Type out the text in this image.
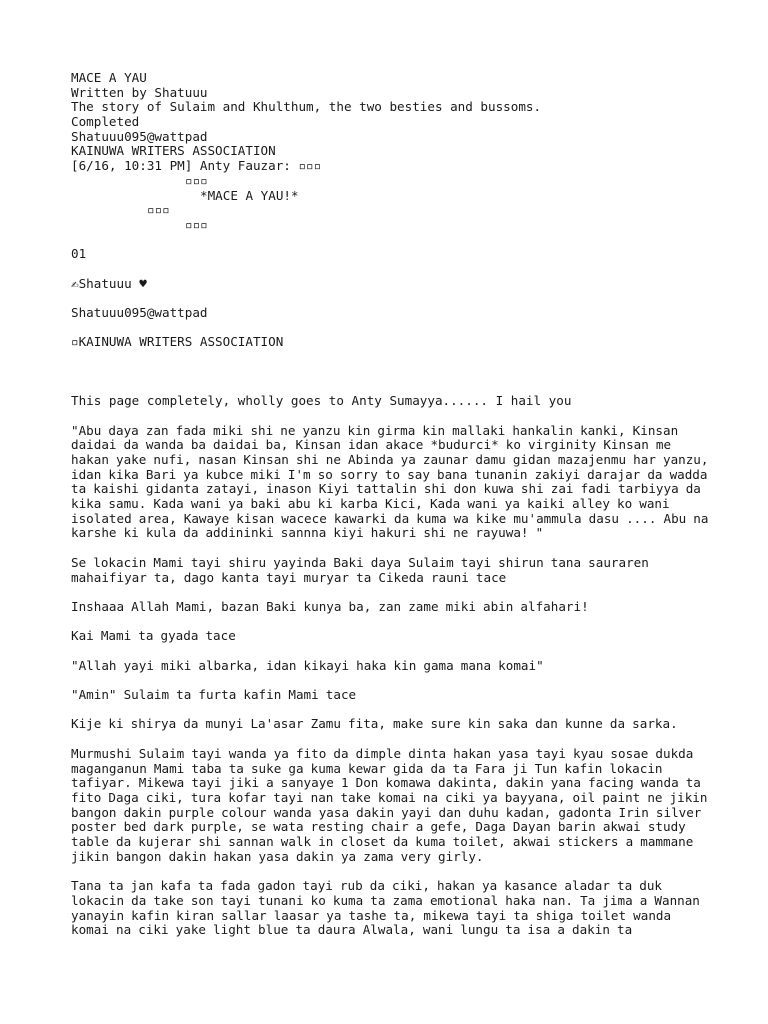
MACE A YAU
Written by Shatuuu
The story of Sulaim and Khulthum, the two besties and bussoms.
Completed
Shatuuu095@wattpad
KAINUWA WRITERS ASSOCIATION
[6/16, 10:31 PM] Anty Fauzar: ▫▫▫
▫▫▫
*MACE A YAU!*
▫▫▫
▫▫▫
01
✍Shatuuu ♥
Shatuuu095@wattpad
▫KAINUWA WRITERS ASSOCIATION
This page completely, wholly goes to Anty Sumayya...... I hail you

"Abu daya zan fada miki shi ne yanzu kin girma kin mallaki hankalin kanki, Kinsan daidai da wanda ba daidai ba, Kinsan idan akace *budurci* ko virginity Kinsan me hakan yake nufi, nasan Kinsan shi ne Abinda ya zaunar damu gidan mazajenmu har yanzu, idan kika Bari ya kubce miki I'm so sorry to say bana tunanin zakiyi darajar da wadda ta kaishi gidanta zatayi, inason Kiyi tattalin shi don kuwa shi zai fadi tarbiyya da kika samu. Kada wani ya baki abu ki karba Kici, Kada wani ya kaiki alley ko wani isolated area, Kawaye kisan wacece kawarki da kuma wa kike mu'ammula dasu .... Abu na karshe ki kula da addininki sannna kiyi hakuri shi ne rayuwa! "

Se lokacin Mami tayi shiru yayinda Baki daya Sulaim tayi shirun tana sauraren mahaifiyar ta, dago kanta tayi muryar ta Cikeda rauni tace

Inshaaa Allah Mami, bazan Baki kunya ba, zan zame miki abin alfahari!

Kai Mami ta gyada tace

"Allah yayi miki albarka, idan kikayi haka kin gama mana komai"

"Amin" Sulaim ta furta kafin Mami tace

Kije ki shirya da munyi La'asar Zamu fita, make sure kin saka dan kunne da sarka.

Murmushi Sulaim tayi wanda ya fito da dimple dinta hakan yasa tayi kyau sosae dukda maganganun Mami taba ta suke ga kuma kewar gida da ta Fara ji Tun kafin lokacin tafiyar. Mikewa tayi jiki a sanyaye 1 Don komawa dakinta, dakin yana facing wanda ta fito Daga ciki, tura kofar tayi nan take komai na ciki ya bayyana, oil paint ne jikin bangon dakin purple colour wanda yasa dakin yayi dan duhu kadan, gadonta Irin silver poster bed dark purple, se wata resting chair a gefe, Daga Dayan barin akwai study table da kujerar shi sannan walk in closet da kuma toilet, akwai stickers a mammane jikin bangon dakin hakan yasa dakin ya zama very girly.

Tana ta jan kafa ta fada gadon tayi rub da ciki, hakan ya kasance aladar ta duk lokacin da take son tayi tunani ko kuma ta zama emotional haka nan. Ta jima a Wannan yanayin kafin kiran sallar laasar ya tashe ta, mikewa tayi ta shiga toilet wanda komai na ciki yake light blue ta daura Alwala, wani lungu ta isa a dakin ta
